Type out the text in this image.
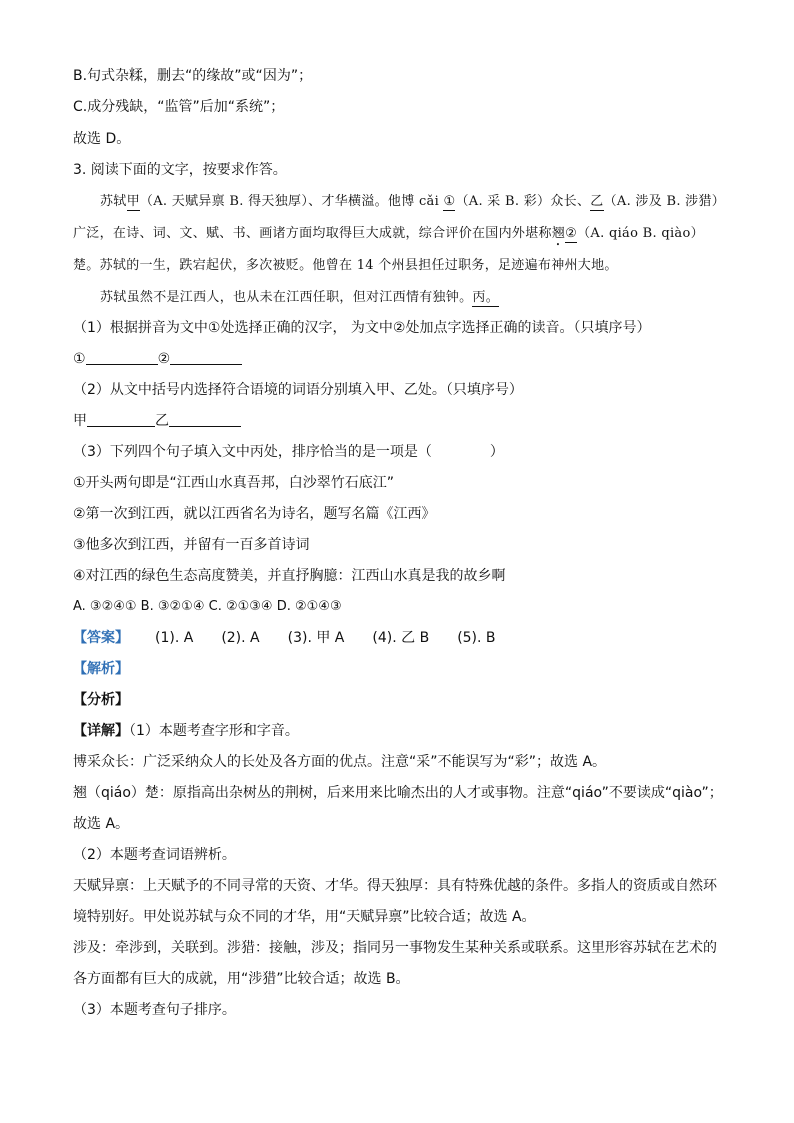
B.句式杂糅，删去“的缘故”或“因为”；
C.成分残缺，“监管”后加“系统”；
故选 D。
3. 阅读下面的文字，按要求作答。
苏轼甲（A. 天赋异禀 B. 得天独厚）、才华横溢。他博 cǎi ①（A. 采 B. 彩）众长、乙（A. 涉及 B. 涉猎）
广泛，在诗、词、文、赋、书、画诸方面均取得巨大成就，综合评价在国内外堪称翘②（A. qiáo B. qiào）
楚。苏轼的一生，跌宕起伏，多次被贬。他曾在 14 个州县担任过职务，足迹遍布神州大地。
苏轼虽然不是江西人，也从未在江西任职，但对江西情有独钟。丙。
（1）根据拼音为文中①处选择正确的汉字， 为文中②处加点字选择正确的读音。（只填序号）
①	②
（2）从文中括号内选择符合语境的词语分别填入甲、乙处。（只填序号）
甲	乙
（3）下列四个句子填入文中丙处，排序恰当的是一项是（	）
①开头两句即是“江西山水真吾邦，白沙翠竹石底江”
②第一次到江西，就以江西省名为诗名，题写名篇《江西》
③他多次到江西，并留有一百多首诗词
④对江西的绿色生态高度赞美，并直抒胸臆：江西山水真是我的故乡啊
A. ③②④① B. ③②①④ C. ②①③④ D. ②①④③
【答案】 (1). A (2). A (3). 甲 A (4). 乙 B (5). B
【解析】
【分析】
【详解】（1）本题考查字形和字音。
博采众长：广泛采纳众人的长处及各方面的优点。注意“采”不能误写为“彩”；故选 A。
翘（qiáo）楚：原指高出杂树丛的荆树，后来用来比喻杰出的人才或事物。注意“qiáo”不要读成“qiào”；
故选 A。
（2）本题考查词语辨析。
天赋异禀：上天赋予的不同寻常的天资、才华。得天独厚：具有特殊优越的条件。多指人的资质或自然环
境特别好。甲处说苏轼与众不同的才华，用“天赋异禀”比较合适；故选 A。
涉及：牵涉到，关联到。涉猎：接触，涉及；指同另一事物发生某种关系或联系。这里形容苏轼在艺术的
各方面都有巨大的成就，用“涉猎”比较合适；故选 B。
（3）本题考查句子排序。
